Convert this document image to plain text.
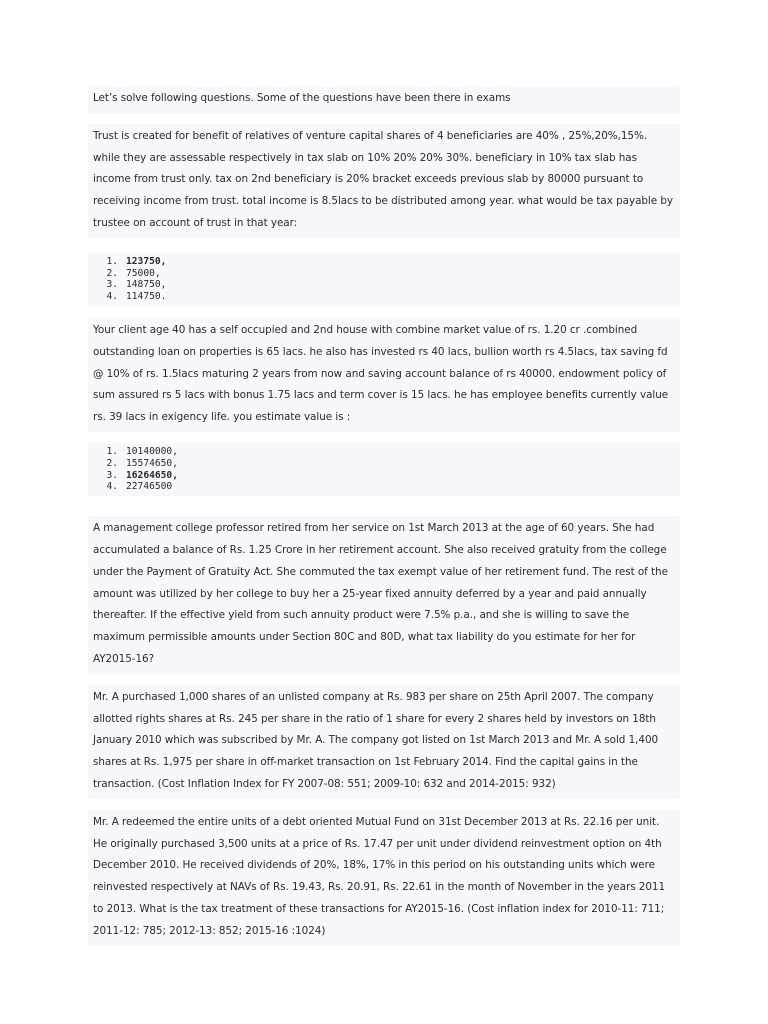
Let’s solve following questions. Some of the questions have been there in exams

Trust is created for benefit of relatives of venture capital shares of 4 beneficiaries are 40% , 25%,20%,15%. while they are assessable respectively in tax slab on 10% 20% 20% 30%. beneficiary in 10% tax slab has income from trust only. tax on 2nd beneficiary is 20% bracket exceeds previous slab by 80000 pursuant to receiving income from trust. total income is 8.5lacs to be distributed among year. what would be tax payable by trustee on account of trust in that year:

1. 123750,
2. 75000,
3. 148750,
4. 114750.

Your client age 40 has a self occupied and 2nd house with combine market value of rs. 1.20 cr .combined outstanding loan on properties is 65 lacs. he also has invested rs 40 lacs, bullion worth rs 4.5lacs, tax saving fd @ 10% of rs. 1.5lacs maturing 2 years from now and saving account balance of rs 40000. endowment policy of sum assured rs 5 lacs with bonus 1.75 lacs and term cover is 15 lacs. he has employee benefits currently value rs. 39 lacs in exigency life. you estimate value is :

1. 10140000,
2. 15574650,
3. 16264650,
4. 22746500

A management college professor retired from her service on 1st March 2013 at the age of 60 years. She had accumulated a balance of Rs. 1.25 Crore in her retirement account. She also received gratuity from the college under the Payment of Gratuity Act. She commuted the tax exempt value of her retirement fund. The rest of the amount was utilized by her college to buy her a 25-year fixed annuity deferred by a year and paid annually thereafter. If the effective yield from such annuity product were 7.5% p.a., and she is willing to save the maximum permissible amounts under Section 80C and 80D, what tax liability do you estimate for her for AY2015-16?

Mr. A purchased 1,000 shares of an unlisted company at Rs. 983 per share on 25th April 2007. The company allotted rights shares at Rs. 245 per share in the ratio of 1 share for every 2 shares held by investors on 18th January 2010 which was subscribed by Mr. A. The company got listed on 1st March 2013 and Mr. A sold 1,400 shares at Rs. 1,975 per share in off-market transaction on 1st February 2014. Find the capital gains in the transaction. (Cost Inflation Index for FY 2007-08: 551; 2009-10: 632 and 2014-2015: 932)

Mr. A redeemed the entire units of a debt oriented Mutual Fund on 31st December 2013 at Rs. 22.16 per unit. He originally purchased 3,500 units at a price of Rs. 17.47 per unit under dividend reinvestment option on 4th December 2010. He received dividends of 20%, 18%, 17% in this period on his outstanding units which were reinvested respectively at NAVs of Rs. 19.43, Rs. 20.91, Rs. 22.61 in the month of November in the years 2011 to 2013. What is the tax treatment of these transactions for AY2015-16. (Cost inflation index for 2010-11: 711; 2011-12: 785; 2012-13: 852; 2015-16 :1024)
